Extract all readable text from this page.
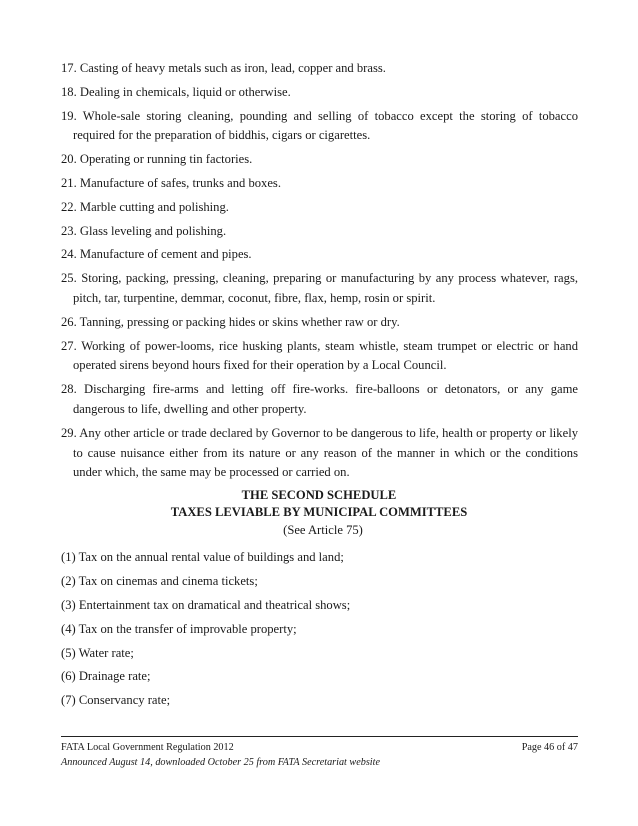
17. Casting of heavy metals such as iron, lead, copper and brass.

18. Dealing in chemicals, liquid or otherwise.

19. Whole-sale storing cleaning, pounding and selling of tobacco except the storing of tobacco required for the preparation of biddhis, cigars or cigarettes.

20. Operating or running tin factories.

21. Manufacture of safes, trunks and boxes.

22. Marble cutting and polishing.

23. Glass leveling and polishing.

24. Manufacture of cement and pipes.

25. Storing, packing, pressing, cleaning, preparing or manufacturing by any process whatever, rags, pitch, tar, turpentine, demmar, coconut, fibre, flax, hemp, rosin or spirit.

26. Tanning, pressing or packing hides or skins whether raw or dry.

27. Working of power-looms, rice husking plants, steam whistle, steam trumpet or electric or hand operated sirens beyond hours fixed for their operation by a Local Council.

28. Discharging fire-arms and letting off fire-works. fire-balloons or detonators, or any game dangerous to life, dwelling and other property.

29. Any other article or trade declared by Governor to be dangerous to life, health or property or likely to cause nuisance either from its nature or any reason of the manner in which or the conditions under which, the same may be processed or carried on.

THE SECOND SCHEDULE
TAXES LEVIABLE BY MUNICIPAL COMMITTEES
(See Article 75)

(1) Tax on the annual rental value of buildings and land;

(2) Tax on cinemas and cinema tickets;

(3) Entertainment tax on dramatical and theatrical shows;

(4) Tax on the transfer of improvable property;

(5) Water rate;

(6) Drainage rate;

(7) Conservancy rate;

FATA Local Government Regulation 2012
Announced August 14, downloaded October 25 from FATA Secretariat website
Page 46 of 47
